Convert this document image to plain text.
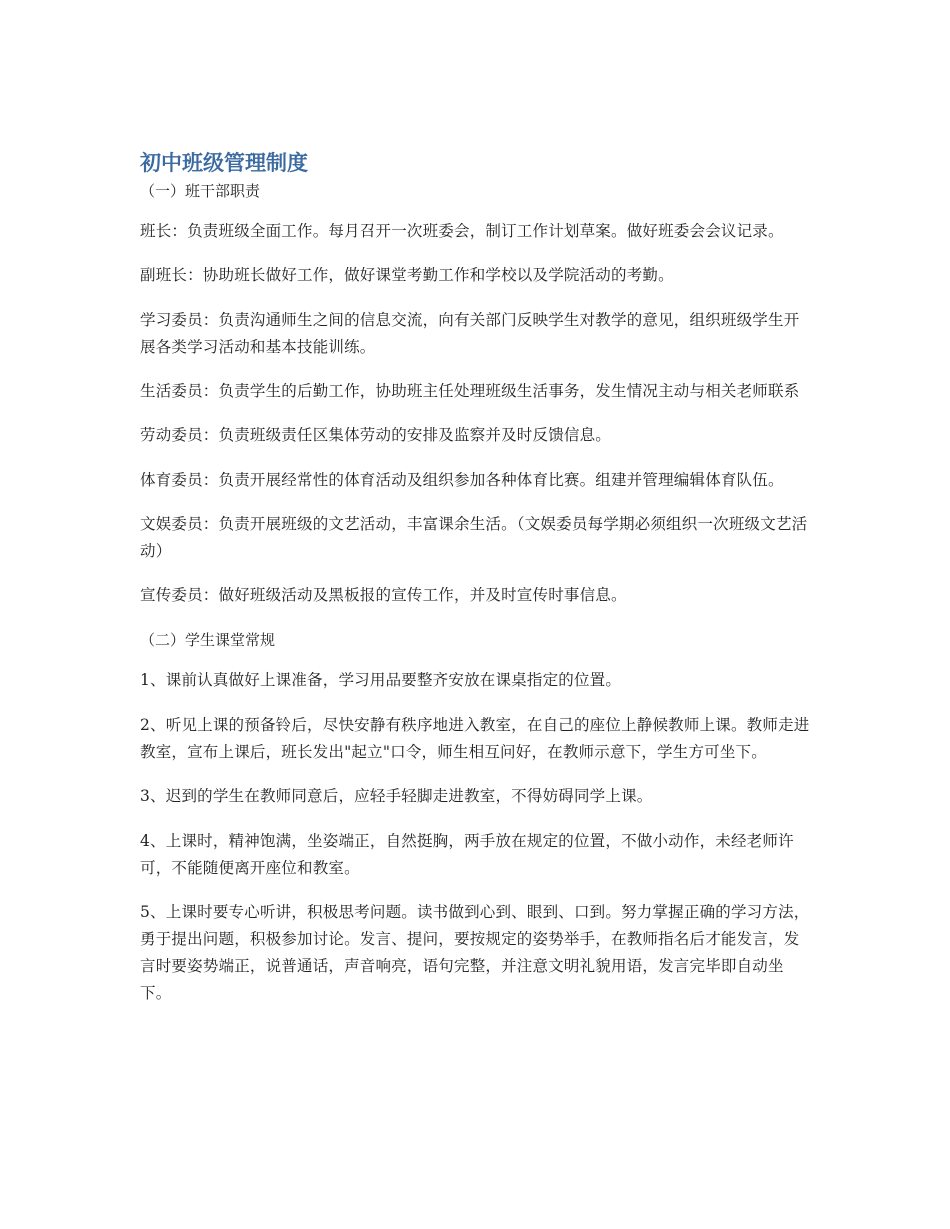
初中班级管理制度

（一）班干部职责

班长：负责班级全面工作。每月召开一次班委会，制订工作计划草案。做好班委会会议记录。

副班长：协助班长做好工作，做好课堂考勤工作和学校以及学院活动的考勤。

学习委员：负责沟通师生之间的信息交流，向有关部门反映学生对教学的意见，组织班级学生开展各类学习活动和基本技能训练。

生活委员：负责学生的后勤工作，协助班主任处理班级生活事务，发生情况主动与相关老师联系

劳动委员：负责班级责任区集体劳动的安排及监察并及时反馈信息。

体育委员：负责开展经常性的体育活动及组织参加各种体育比赛。组建并管理编辑体育队伍。

文娱委员：负责开展班级的文艺活动，丰富课余生活。（文娱委员每学期必须组织一次班级文艺活动）

宣传委员：做好班级活动及黑板报的宣传工作，并及时宣传时事信息。

（二）学生课堂常规

1、课前认真做好上课准备，学习用品要整齐安放在课桌指定的位置。

2、听见上课的预备铃后，尽快安静有秩序地进入教室，在自己的座位上静候教师上课。教师走进教室，宣布上课后，班长发出"起立"口令，师生相互问好，在教师示意下，学生方可坐下。

3、迟到的学生在教师同意后，应轻手轻脚走进教室，不得妨碍同学上课。

4、上课时，精神饱满，坐姿端正，自然挺胸，两手放在规定的位置，不做小动作，未经老师许可，不能随便离开座位和教室。

5、上课时要专心听讲，积极思考问题。读书做到心到、眼到、口到。努力掌握正确的学习方法，勇于提出问题，积极参加讨论。发言、提问，要按规定的姿势举手，在教师指名后才能发言，发言时要姿势端正，说普通话，声音响亮，语句完整，并注意文明礼貌用语，发言完毕即自动坐下。
